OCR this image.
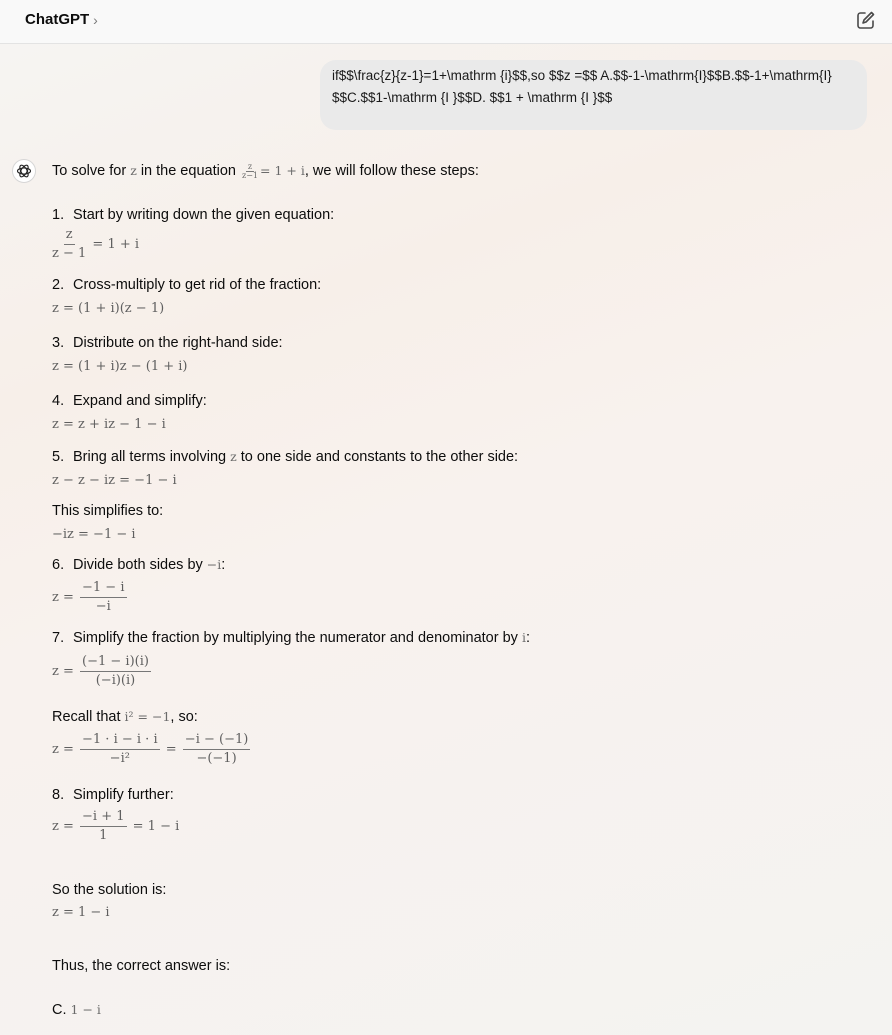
ChatGPT ›
if$$\frac{z}{z-1}=1+\mathrm {i}$$,so $$z =$$ A.$$-1-\mathrm{I}$$B.$$-1+\mathrm{I}$$C.$$1-\mathrm {I }$$D. $$1 + \mathrm {I }$$
To solve for z in the equation $\frac{z}{z-1} = 1 + i$, we will follow these steps:
1. Start by writing down the given equation:
$\frac{z}{z - 1} = 1 + i$
2. Cross-multiply to get rid of the fraction:
z = (1 + i)(z − 1)
3. Distribute on the right-hand side:
z = (1 + i)z − (1 + i)
4. Expand and simplify:
z = z + iz − 1 − i
5. Bring all terms involving z to one side and constants to the other side:
z − z − iz = −1 − i
This simplifies to:
−iz = −1 − i
6. Divide both sides by −i:
$z = \frac{-1 - i}{-i}$
7. Simplify the fraction by multiplying the numerator and denominator by i:
$z = \frac{(-1 - i)(i)}{(-i)(i)}$
Recall that i² = −1, so:
$z = \frac{-1 \cdot i - i \cdot i}{\text{−i²}} = \frac{-i - (-1)}{-(-1)}$
8. Simplify further:
$z = \frac{-i + 1}{1} = 1 - i$
So the solution is:
z = 1 − i
Thus, the correct answer is:
C. 1 − i
